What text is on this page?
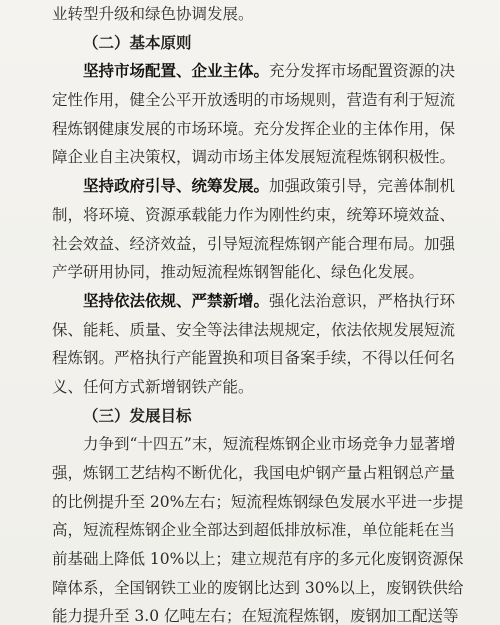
业转型升级和绿色协调发展。
（二）基本原则
坚持市场配置、企业主体。充分发挥市场配置资源的决
定性作用，健全公平开放透明的市场规则，营造有利于短流
程炼钢健康发展的市场环境。充分发挥企业的主体作用，保
障企业自主决策权，调动市场主体发展短流程炼钢积极性。
坚持政府引导、统筹发展。加强政策引导，完善体制机
制，将环境、资源承载能力作为刚性约束，统筹环境效益、
社会效益、经济效益，引导短流程炼钢产能合理布局。加强
产学研用协同，推动短流程炼钢智能化、绿色化发展。
坚持依法依规、严禁新增。强化法治意识，严格执行环
保、能耗、质量、安全等法律法规规定，依法依规发展短流
程炼钢。严格执行产能置换和项目备案手续，不得以任何名
义、任何方式新增钢铁产能。
（三）发展目标
力争到“十四五”末，短流程炼钢企业市场竞争力显著增
强，炼钢工艺结构不断优化，我国电炉钢产量占粗钢总产量
的比例提升至 20%左右；短流程炼钢绿色发展水平进一步提
高，短流程炼钢企业全部达到超低排放标准，单位能耗在当
前基础上降低 10%以上；建立规范有序的多元化废钢资源保
障体系，全国钢铁工业的废钢比达到 30%以上，废钢铁供给
能力提升至 3.0 亿吨左右；在短流程炼钢，废钢加工配送等
